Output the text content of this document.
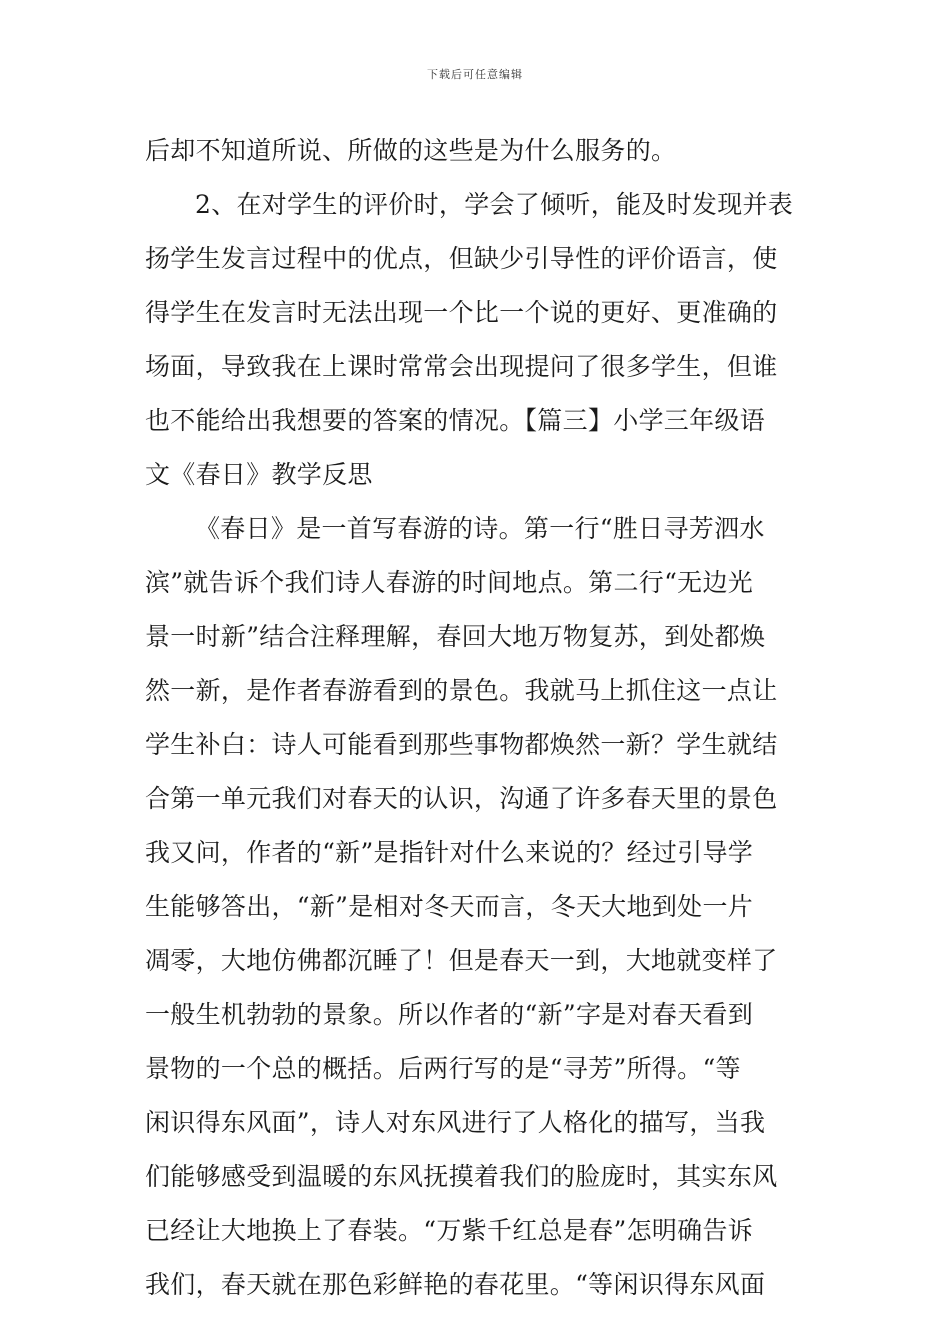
下载后可任意编辑
后却不知道所说、所做的这些是为什么服务的。
2、在对学生的评价时，学会了倾听，能及时发现并表
扬学生发言过程中的优点，但缺少引导性的评价语言，使
得学生在发言时无法出现一个比一个说的更好、更准确的
场面，导致我在上课时常常会出现提问了很多学生，但谁
也不能给出我想要的答案的情况。【篇三】小学三年级语
文《春日》教学反思
《春日》是一首写春游的诗。第一行“胜日寻芳泗水
滨”就告诉个我们诗人春游的时间地点。第二行“无边光
景一时新”结合注释理解，春回大地万物复苏，到处都焕
然一新，是作者春游看到的景色。我就马上抓住这一点让
学生补白：诗人可能看到那些事物都焕然一新？学生就结
合第一单元我们对春天的认识，沟通了许多春天里的景色
我又问，作者的“新”是指针对什么来说的？经过引导学
生能够答出，“新”是相对冬天而言，冬天大地到处一片
凋零，大地仿佛都沉睡了！但是春天一到，大地就变样了
一般生机勃勃的景象。所以作者的“新”字是对春天看到
景物的一个总的概括。后两行写的是“寻芳”所得。“等
闲识得东风面”，诗人对东风进行了人格化的描写，当我
们能够感受到温暖的东风抚摸着我们的脸庞时，其实东风
已经让大地换上了春装。“万紫千红总是春”怎明确告诉
我们，春天就在那色彩鲜艳的春花里。“等闲识得东风面
